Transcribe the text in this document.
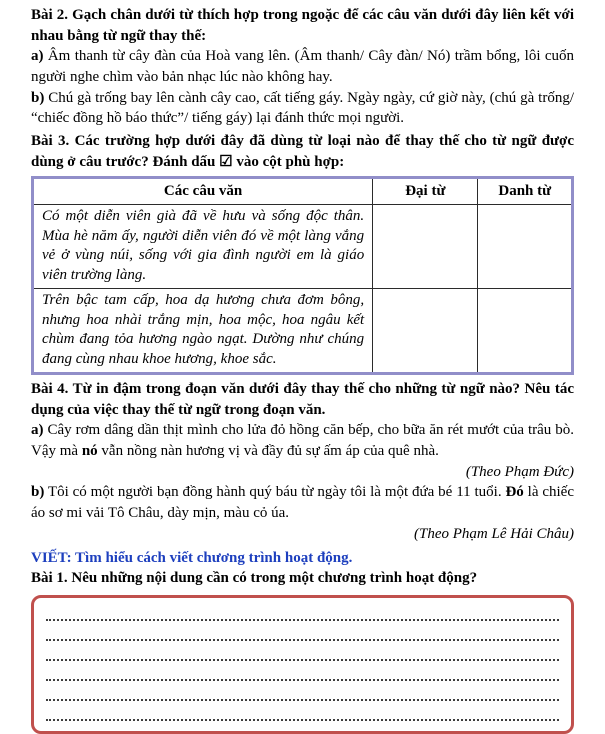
Bài 2. Gạch chân dưới từ thích hợp trong ngoặc để các câu văn dưới đây liên kết với nhau bằng từ ngữ thay thế:

a) Âm thanh từ cây đàn của Hoà vang lên. (Âm thanh/ Cây đàn/ Nó) trầm bổng, lôi cuốn người nghe chìm vào bản nhạc lúc nào không hay.

b) Chú gà trống bay lên cành cây cao, cất tiếng gáy. Ngày ngày, cứ giờ này, (chú gà trống/ “chiếc đồng hồ báo thức”/ tiếng gáy) lại đánh thức mọi người.

Bài 3. Các trường hợp dưới đây đã dùng từ loại nào để thay thế cho từ ngữ được dùng ở câu trước? Đánh dấu ☑ vào cột phù hợp:

Các câu văn	Đại từ	Danh từ
Có một diễn viên già đã về hưu và sống độc thân. Mùa hè năm ấy, người diễn viên đó về một làng vắng vẻ ở vùng núi, sống với gia đình người em là giáo viên trường làng.		
Trên bậc tam cấp, hoa dạ hương chưa đơm bông, nhưng hoa nhài trắng mịn, hoa mộc, hoa ngâu kết chùm đang tỏa hương ngào ngạt. Dường như chúng đang cùng nhau khoe hương, khoe sắc.		

Bài 4. Từ in đậm trong đoạn văn dưới đây thay thế cho những từ ngữ nào? Nêu tác dụng của việc thay thế từ ngữ trong đoạn văn.

a) Cây rơm dâng dần thịt mình cho lửa đỏ hồng căn bếp, cho bữa ăn rét mướt của trâu bò. Vậy mà nó vẫn nồng nàn hương vị và đầy đủ sự ấm áp của quê nhà.

(Theo Phạm Đức)

b) Tôi có một người bạn đồng hành quý báu từ ngày tôi là một đứa bé 11 tuổi. Đó là chiếc áo sơ mi vải Tô Châu, dày mịn, màu cỏ úa.

(Theo Phạm Lê Hải Châu)

VIẾT: Tìm hiểu cách viết chương trình hoạt động.

Bài 1. Nêu những nội dung cần có trong một chương trình hoạt động?
